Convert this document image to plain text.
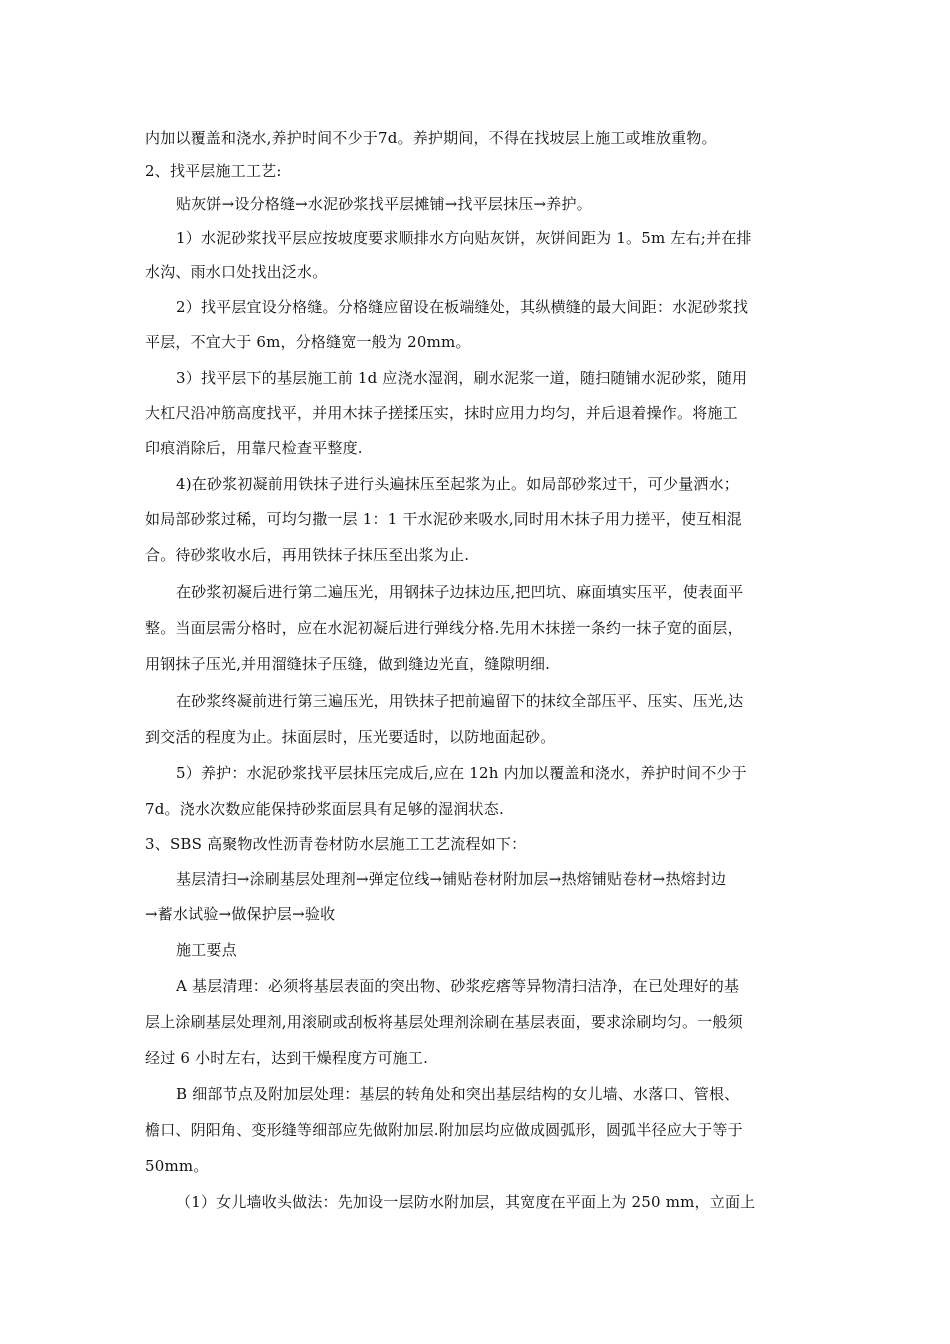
内加以覆盖和浇水,养护时间不少于7d。养护期间，不得在找坡层上施工或堆放重物。
2、找平层施工工艺:
贴灰饼→设分格缝→水泥砂浆找平层摊铺→找平层抹压→养护。
1）水泥砂浆找平层应按坡度要求顺排水方向贴灰饼，灰饼间距为 1。5m 左右;并在排
水沟、雨水口处找出泛水。
2）找平层宜设分格缝。分格缝应留设在板端缝处，其纵横缝的最大间距：水泥砂浆找
平层，不宜大于 6m，分格缝宽一般为 20mm。
3）找平层下的基层施工前 1d 应浇水湿润，刷水泥浆一道，随扫随铺水泥砂浆，随用
大杠尺沿冲筋高度找平，并用木抹子搓揉压实，抹时应用力均匀，并后退着操作。将施工
印痕消除后，用靠尺检查平整度.
4)在砂浆初凝前用铁抹子进行头遍抹压至起浆为止。如局部砂浆过干，可少量洒水；
如局部砂浆过稀，可均匀撒一层 1：1 干水泥砂来吸水,同时用木抹子用力搓平，使互相混
合。待砂浆收水后，再用铁抹子抹压至出浆为止.
在砂浆初凝后进行第二遍压光，用钢抹子边抹边压,把凹坑、麻面填实压平，使表面平
整。当面层需分格时，应在水泥初凝后进行弹线分格.先用木抹搓一条约一抹子宽的面层，
用钢抹子压光,并用溜缝抹子压缝，做到缝边光直，缝隙明细.
在砂浆终凝前进行第三遍压光，用铁抹子把前遍留下的抹纹全部压平、压实、压光,达
到交活的程度为止。抹面层时，压光要适时，以防地面起砂。
5）养护：水泥砂浆找平层抹压完成后,应在 12h 内加以覆盖和浇水，养护时间不少于
7d。浇水次数应能保持砂浆面层具有足够的湿润状态.
3、SBS 高聚物改性沥青卷材防水层施工工艺流程如下：
基层清扫→涂刷基层处理剂→弹定位线→铺贴卷材附加层→热熔铺贴卷材→热熔封边
→蓄水试验→做保护层→验收
施工要点
A 基层清理：必须将基层表面的突出物、砂浆疙瘩等异物清扫洁净，在已处理好的基
层上涂刷基层处理剂,用滚刷或刮板将基层处理剂涂刷在基层表面，要求涂刷均匀。一般须
经过 6 小时左右，达到干燥程度方可施工.
B 细部节点及附加层处理：基层的转角处和突出基层结构的女儿墙、水落口、管根、
檐口、阴阳角、变形缝等细部应先做附加层.附加层均应做成圆弧形，圆弧半径应大于等于
50mm。
（1）女儿墙收头做法：先加设一层防水附加层，其宽度在平面上为 250 mm，立面上
